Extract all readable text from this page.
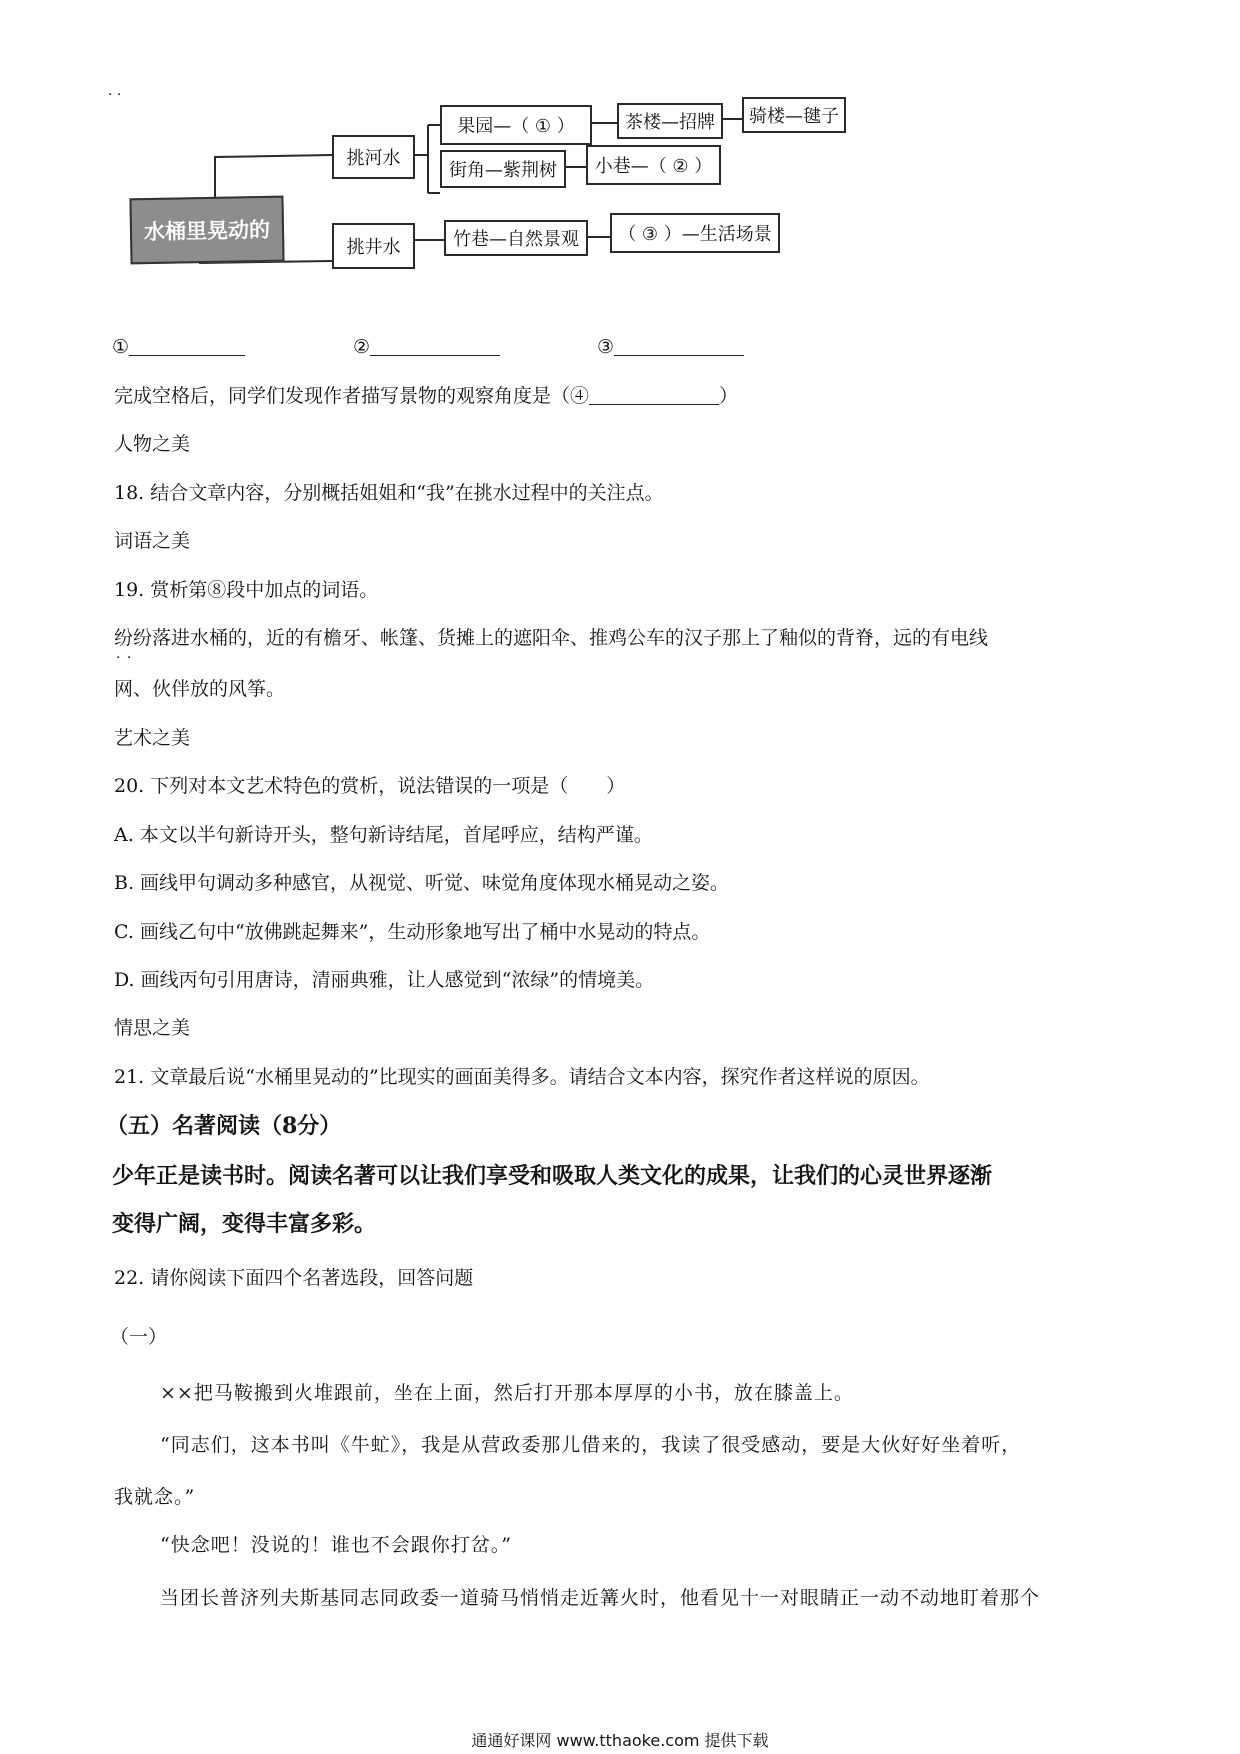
· ·
水桶里晃动的
挑河水
挑井水
果园—（ ① ）	茶楼—招牌	骑楼—毽子
街角—紫荆树	小巷—（ ② ）
竹巷—自然景观	（ ③ ）—生活场景
①	②	③
完成空格后，同学们发现作者描写景物的观察角度是（④	）
人物之美
18. 结合文章内容，分别概括姐姐和“我”在挑水过程中的关注点。
词语之美
19. 赏析第⑧段中加点的词语。
纷纷 · ·落进水桶的，近的有檐牙、帐篷、货摊上的遮阳伞、推鸡公车的汉子那上了釉似的背脊，远的有电线
网、伙伴放的风筝。
艺术之美
20. 下列对本文艺术特色的赏析，说法错误的一项是（　　）
A. 本文以半句新诗开头，整句新诗结尾，首尾呼应，结构严谨。
B. 画线甲句调动多种感官，从视觉、听觉、味觉角度体现水桶晃动之姿。
C. 画线乙句中“放佛跳起舞来”，生动形象地写出了桶中水晃动的特点。
D. 画线丙句引用唐诗，清丽典雅，让人感觉到“浓绿”的情境美。
情思之美
21. 文章最后说“水桶里晃动的”比现实的画面美得多。请结合文本内容，探究作者这样说的原因。
（五）名著阅读（8分）
少年正是读书时。阅读名著可以让我们享受和吸取人类文化的成果，让我们的心灵世界逐渐
变得广阔，变得丰富多彩。
22. 请你阅读下面四个名著选段，回答问题
（一）
××把马鞍搬到火堆跟前，坐在上面，然后打开那本厚厚的小书，放在膝盖上。
“同志们，这本书叫《牛虻》，我是从营政委那儿借来的，我读了很受感动，要是大伙好好坐着听，
我就念。”
“快念吧！没说的！谁也不会跟你打岔。”
当团长普济列夫斯基同志同政委一道骑马悄悄走近篝火时，他看见十一对眼睛正一动不动地盯着那个
通通好课网 www.tthaoke.com 提供下载
